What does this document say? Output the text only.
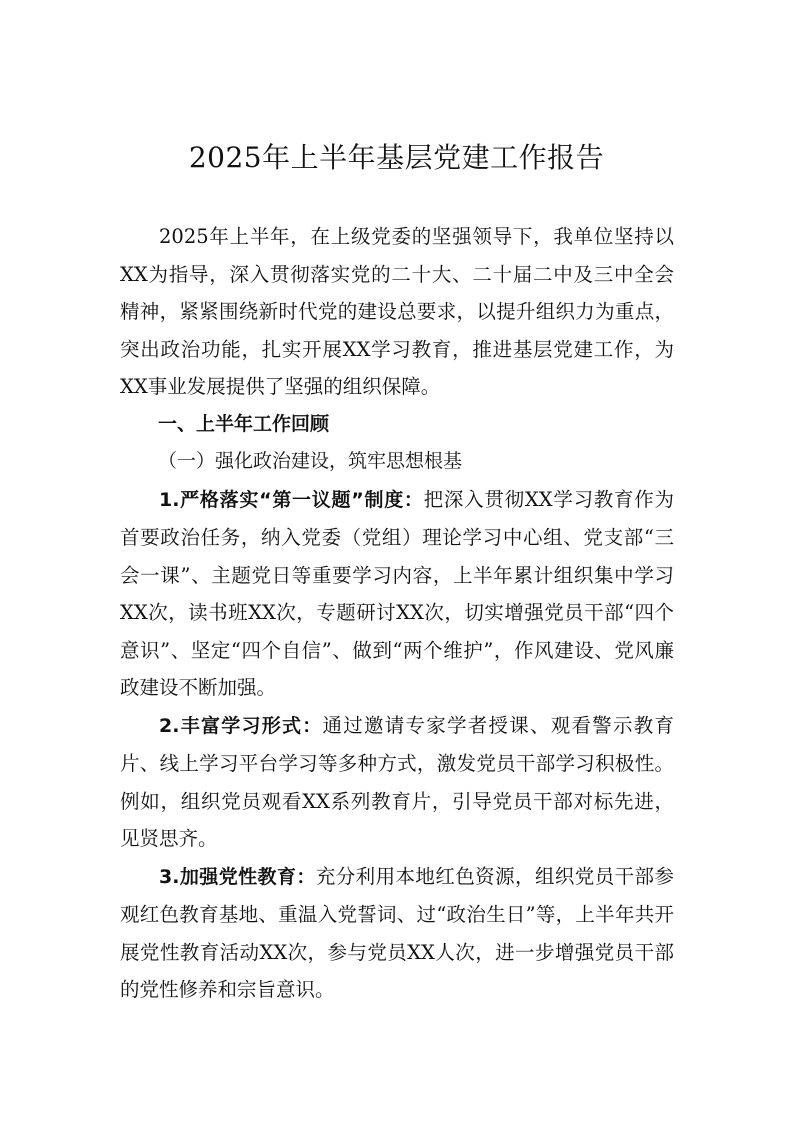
2025年上半年基层党建工作报告

2025年上半年，在上级党委的坚强领导下，我单位坚持以XX为指导，深入贯彻落实党的二十大、二十届二中及三中全会精神，紧紧围绕新时代党的建设总要求，以提升组织力为重点，突出政治功能，扎实开展XX学习教育，推进基层党建工作，为XX事业发展提供了坚强的组织保障。

一、上半年工作回顾

（一）强化政治建设，筑牢思想根基

1.严格落实“第一议题”制度：把深入贯彻XX学习教育作为首要政治任务，纳入党委（党组）理论学习中心组、党支部“三会一课”、主题党日等重要学习内容，上半年累计组织集中学习XX次，读书班XX次，专题研讨XX次，切实增强党员干部“四个意识”、坚定“四个自信”、做到“两个维护”，作风建设、党风廉政建设不断加强。

2.丰富学习形式：通过邀请专家学者授课、观看警示教育片、线上学习平台学习等多种方式，激发党员干部学习积极性。例如，组织党员观看XX系列教育片，引导党员干部对标先进，见贤思齐。

3.加强党性教育：充分利用本地红色资源，组织党员干部参观红色教育基地、重温入党誓词、过“政治生日”等，上半年共开展党性教育活动XX次，参与党员XX人次，进一步增强党员干部的党性修养和宗旨意识。
